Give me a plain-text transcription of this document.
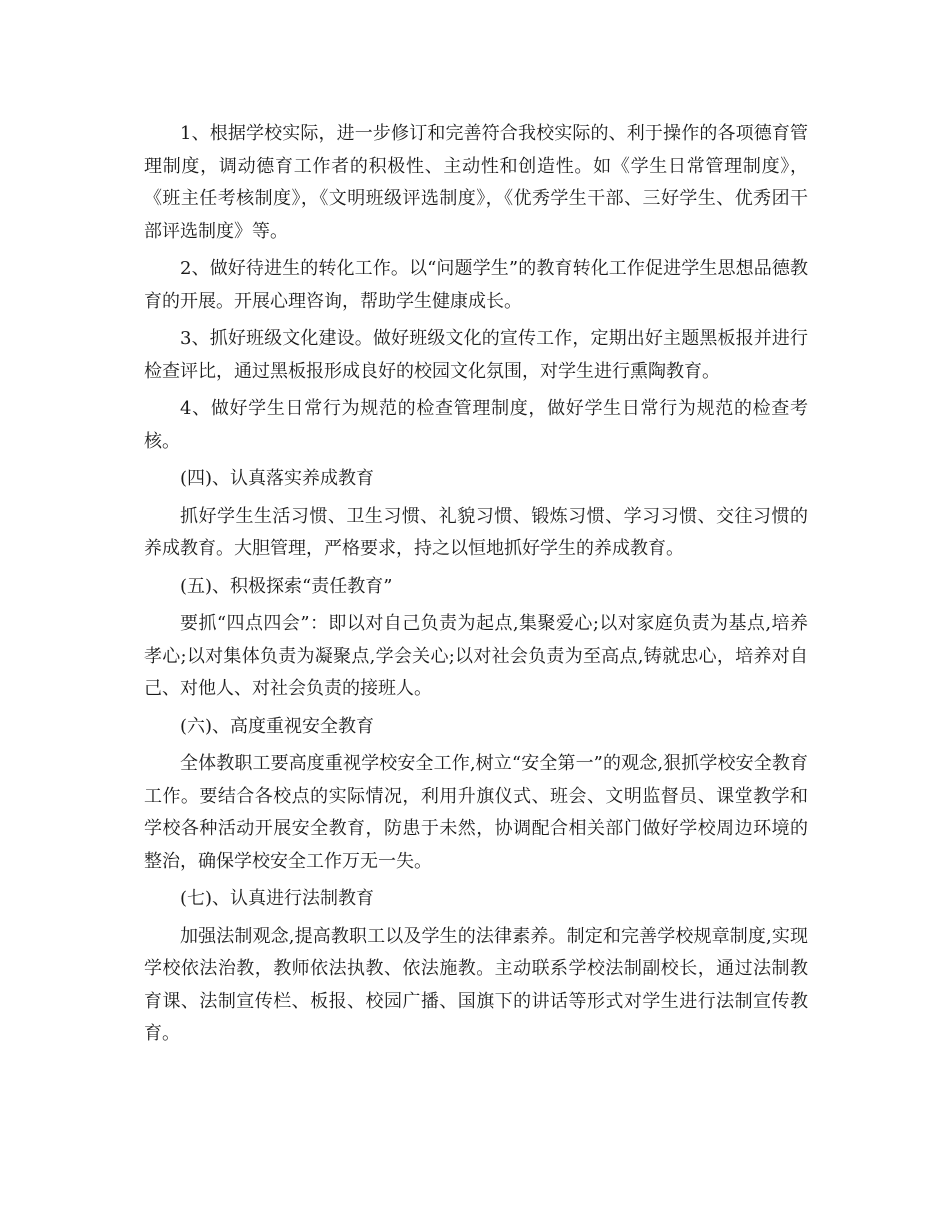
1、根据学校实际，进一步修订和完善符合我校实际的、利于操作的各项德育管理制度，调动德育工作者的积极性、主动性和创造性。如《学生日常管理制度》，《班主任考核制度》，《文明班级评选制度》，《优秀学生干部、三好学生、优秀团干部评选制度》等。

2、做好待进生的转化工作。以“问题学生”的教育转化工作促进学生思想品德教育的开展。开展心理咨询，帮助学生健康成长。

3、抓好班级文化建设。做好班级文化的宣传工作，定期出好主题黑板报并进行检查评比，通过黑板报形成良好的校园文化氛围，对学生进行熏陶教育。

4、做好学生日常行为规范的检查管理制度，做好学生日常行为规范的检查考核。

(四)、认真落实养成教育

抓好学生生活习惯、卫生习惯、礼貌习惯、锻炼习惯、学习习惯、交往习惯的养成教育。大胆管理，严格要求，持之以恒地抓好学生的养成教育。

(五)、积极探索“责任教育”

要抓“四点四会”：即以对自己负责为起点,集聚爱心;以对家庭负责为基点,培养孝心;以对集体负责为凝聚点,学会关心;以对社会负责为至高点,铸就忠心，培养对自己、对他人、对社会负责的接班人。

(六)、高度重视安全教育

全体教职工要高度重视学校安全工作,树立“安全第一”的观念,狠抓学校安全教育工作。要结合各校点的实际情况，利用升旗仪式、班会、文明监督员、课堂教学和学校各种活动开展安全教育，防患于未然，协调配合相关部门做好学校周边环境的整治，确保学校安全工作万无一失。

(七)、认真进行法制教育

加强法制观念,提高教职工以及学生的法律素养。制定和完善学校规章制度,实现学校依法治教，教师依法执教、依法施教。主动联系学校法制副校长，通过法制教育课、法制宣传栏、板报、校园广播、国旗下的讲话等形式对学生进行法制宣传教育。
